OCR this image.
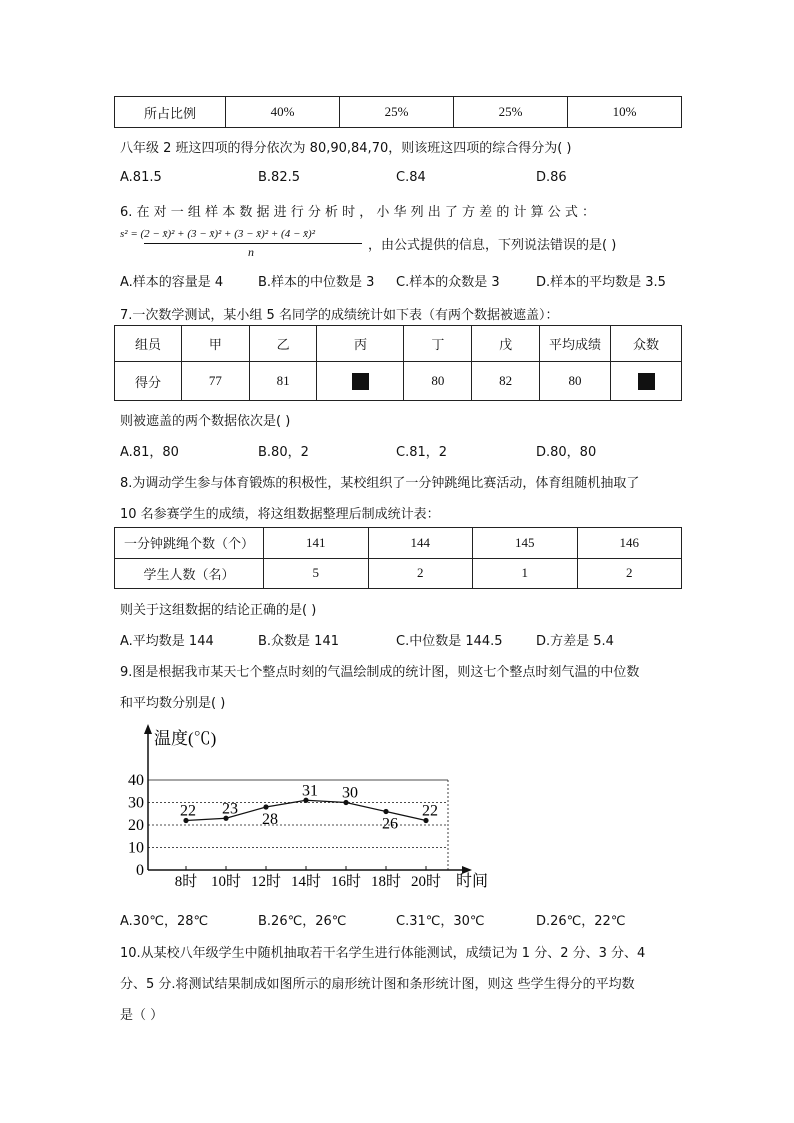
所占比例	40%	25%	25%	10%
八年级 2 班这四项的得分依次为 80,90,84,70，则该班这四项的综合得分为( )
A.81.5	B.82.5	C.84	D.86
6. 在 对 一 组 样 本 数 据 进 行 分 析 时 ， 小 华 列 出 了 方 差 的 计 算 公 式 ：
s² = (2 − x̄)² + (3 − x̄)² + (3 − x̄)² + (4 − x̄)²
n	，由公式提供的信息，下列说法错误的是( )
A.样本的容量是 4	B.样本的中位数是 3 C.样本的众数是 3	D.样本的平均数是 3.5
7.一次数学测试，某小组 5 名同学的成绩统计如下表（有两个数据被遮盖）：
组员	甲	乙	丙	丁	戊	平均成绩	众数
得分	77	81		80	82	80	
则被遮盖的两个数据依次是( )
A.81，80	B.80，2	C.81，2	D.80，80
8.为调动学生参与体育锻炼的积极性，某校组织了一分钟跳绳比赛活动，体育组随机抽取了
10 名参赛学生的成绩，将这组数据整理后制成统计表：
一分钟跳绳个数（个）	141	144	145	146
学生人数（名）	5	2	1	2
则关于这组数据的结论正确的是( )
A.平均数是 144	B.众数是 141	C.中位数是 144.5	D.方差是 5.4
9.图是根据我市某天七个整点时刻的气温绘制成的统计图，则这七个整点时刻气温的中位数
和平均数分别是( )
温度(℃)
时间
0
10
20
30
40
8时 10时 12时 14时 16时 18时 20时
22 23
28
31 30
26
22
A.30℃，28℃	B.26℃，26℃	C.31℃，30℃	D.26℃，22℃
10.从某校八年级学生中随机抽取若干名学生进行体能测试，成绩记为 1 分、2 分、3 分、4
分、5 分.将测试结果制成如图所示的扇形统计图和条形统计图，则这 些学生得分的平均数
是（ ）
